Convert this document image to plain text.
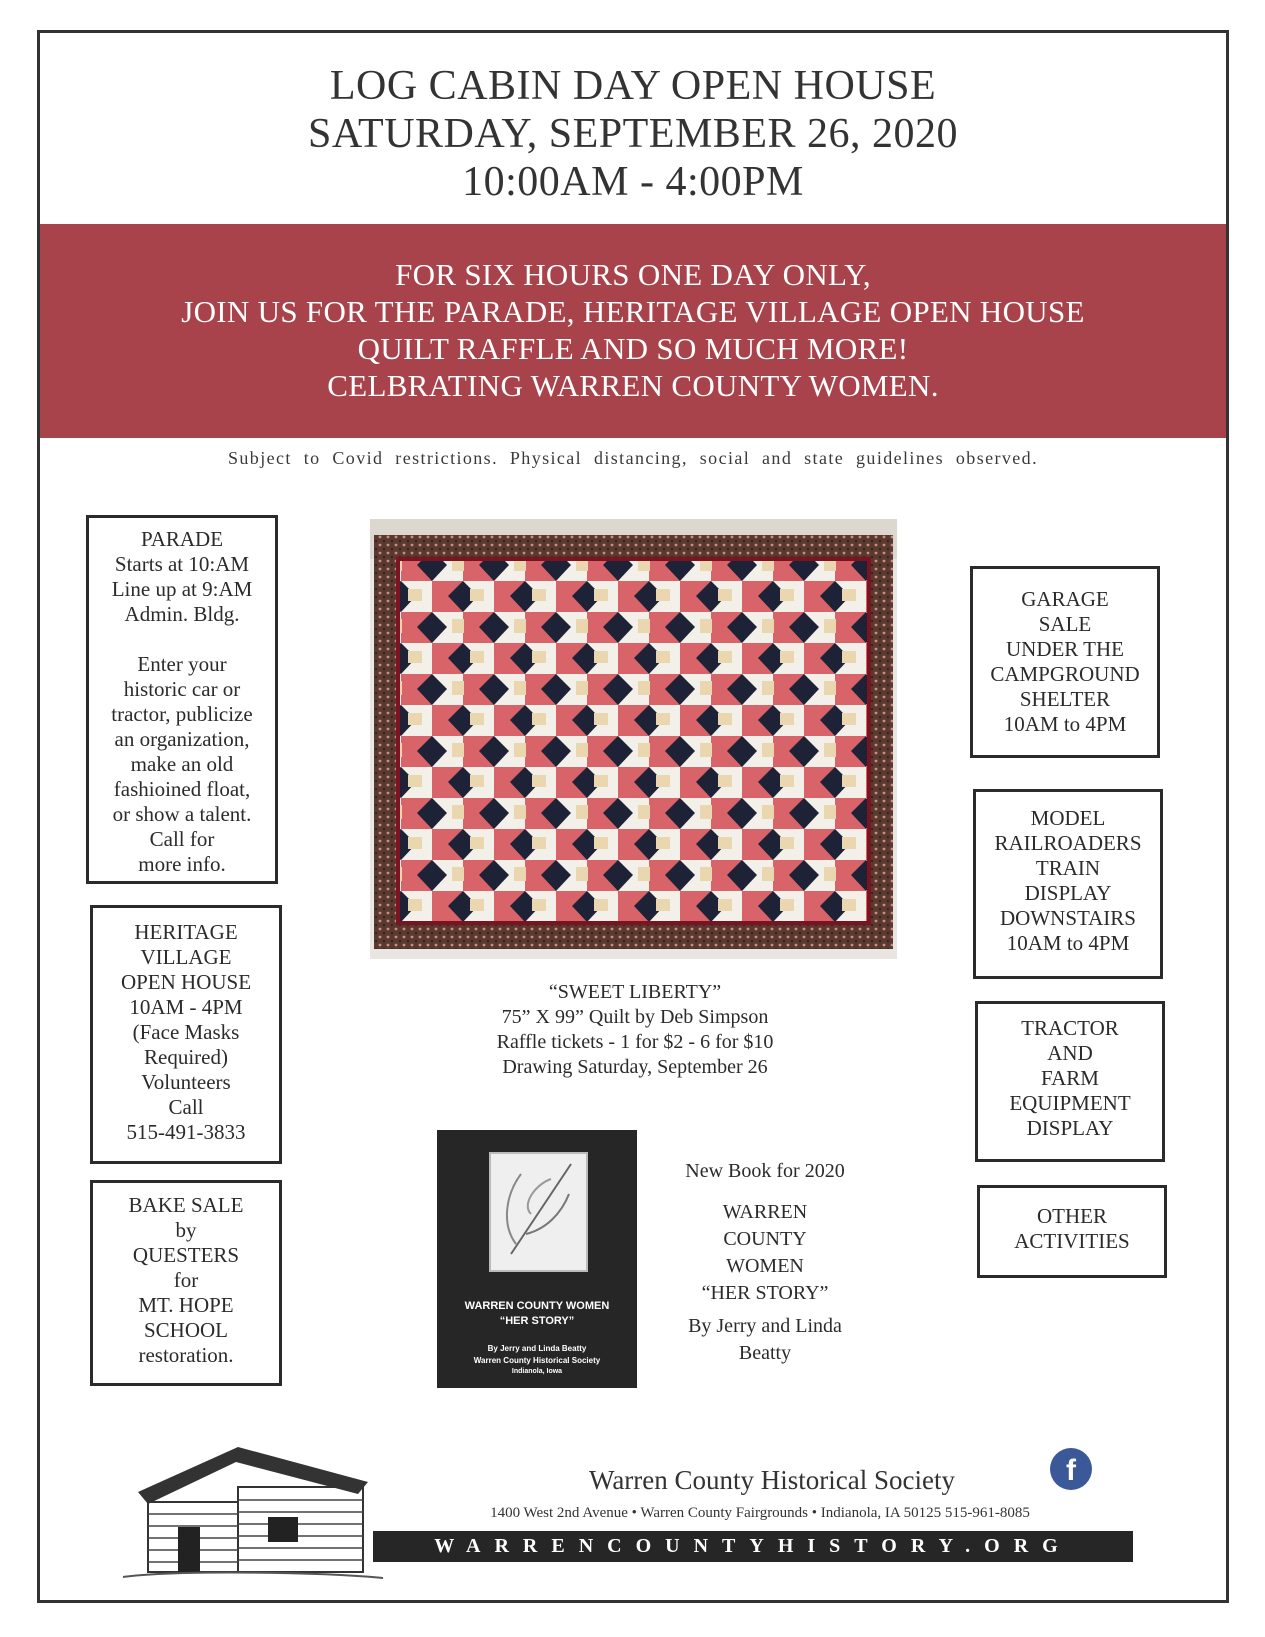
LOG CABIN DAY OPEN HOUSE
SATURDAY, SEPTEMBER 26, 2020
10:00AM - 4:00PM
FOR SIX HOURS ONE DAY ONLY,
JOIN US FOR THE PARADE, HERITAGE VILLAGE OPEN HOUSE
QUILT RAFFLE AND SO MUCH MORE!
CELBRATING WARREN COUNTY WOMEN.
Subject to Covid restrictions. Physical distancing, social and state guidelines observed.
PARADE
Starts at 10:AM
Line up at 9:AM
Admin. Bldg.
Enter your
historic car or
tractor, publicize
an organization,
make an old
fashioined float,
or show a talent.
Call for
more info.
HERITAGE
VILLAGE
OPEN HOUSE
10AM - 4PM
(Face Masks
Required)
Volunteers
Call
515-491-3833
BAKE SALE
by
QUESTERS
for
MT. HOPE
SCHOOL
restoration.
GARAGE
SALE
UNDER THE
CAMPGROUND
SHELTER
10AM to 4PM
MODEL
RAILROADERS
TRAIN
DISPLAY
DOWNSTAIRS
10AM to 4PM
TRACTOR
AND
FARM
EQUIPMENT
DISPLAY
OTHER
ACTIVITIES
“SWEET LIBERTY”
75” X 99” Quilt by Deb Simpson
Raffle tickets - 1 for $2 - 6 for $10
Drawing Saturday, September 26
WARREN COUNTY WOMEN
“HER STORY”
By Jerry and Linda Beatty
Warren County Historical Society
Indianola, Iowa
New Book for 2020
WARREN
COUNTY
WOMEN
“HER STORY”
By Jerry and Linda
Beatty
Warren County Historical Society	f
1400 West 2nd Avenue • Warren County Fairgrounds • Indianola, IA 50125 515-961-8085
WARRENCOUNTYHISTORY.ORG
